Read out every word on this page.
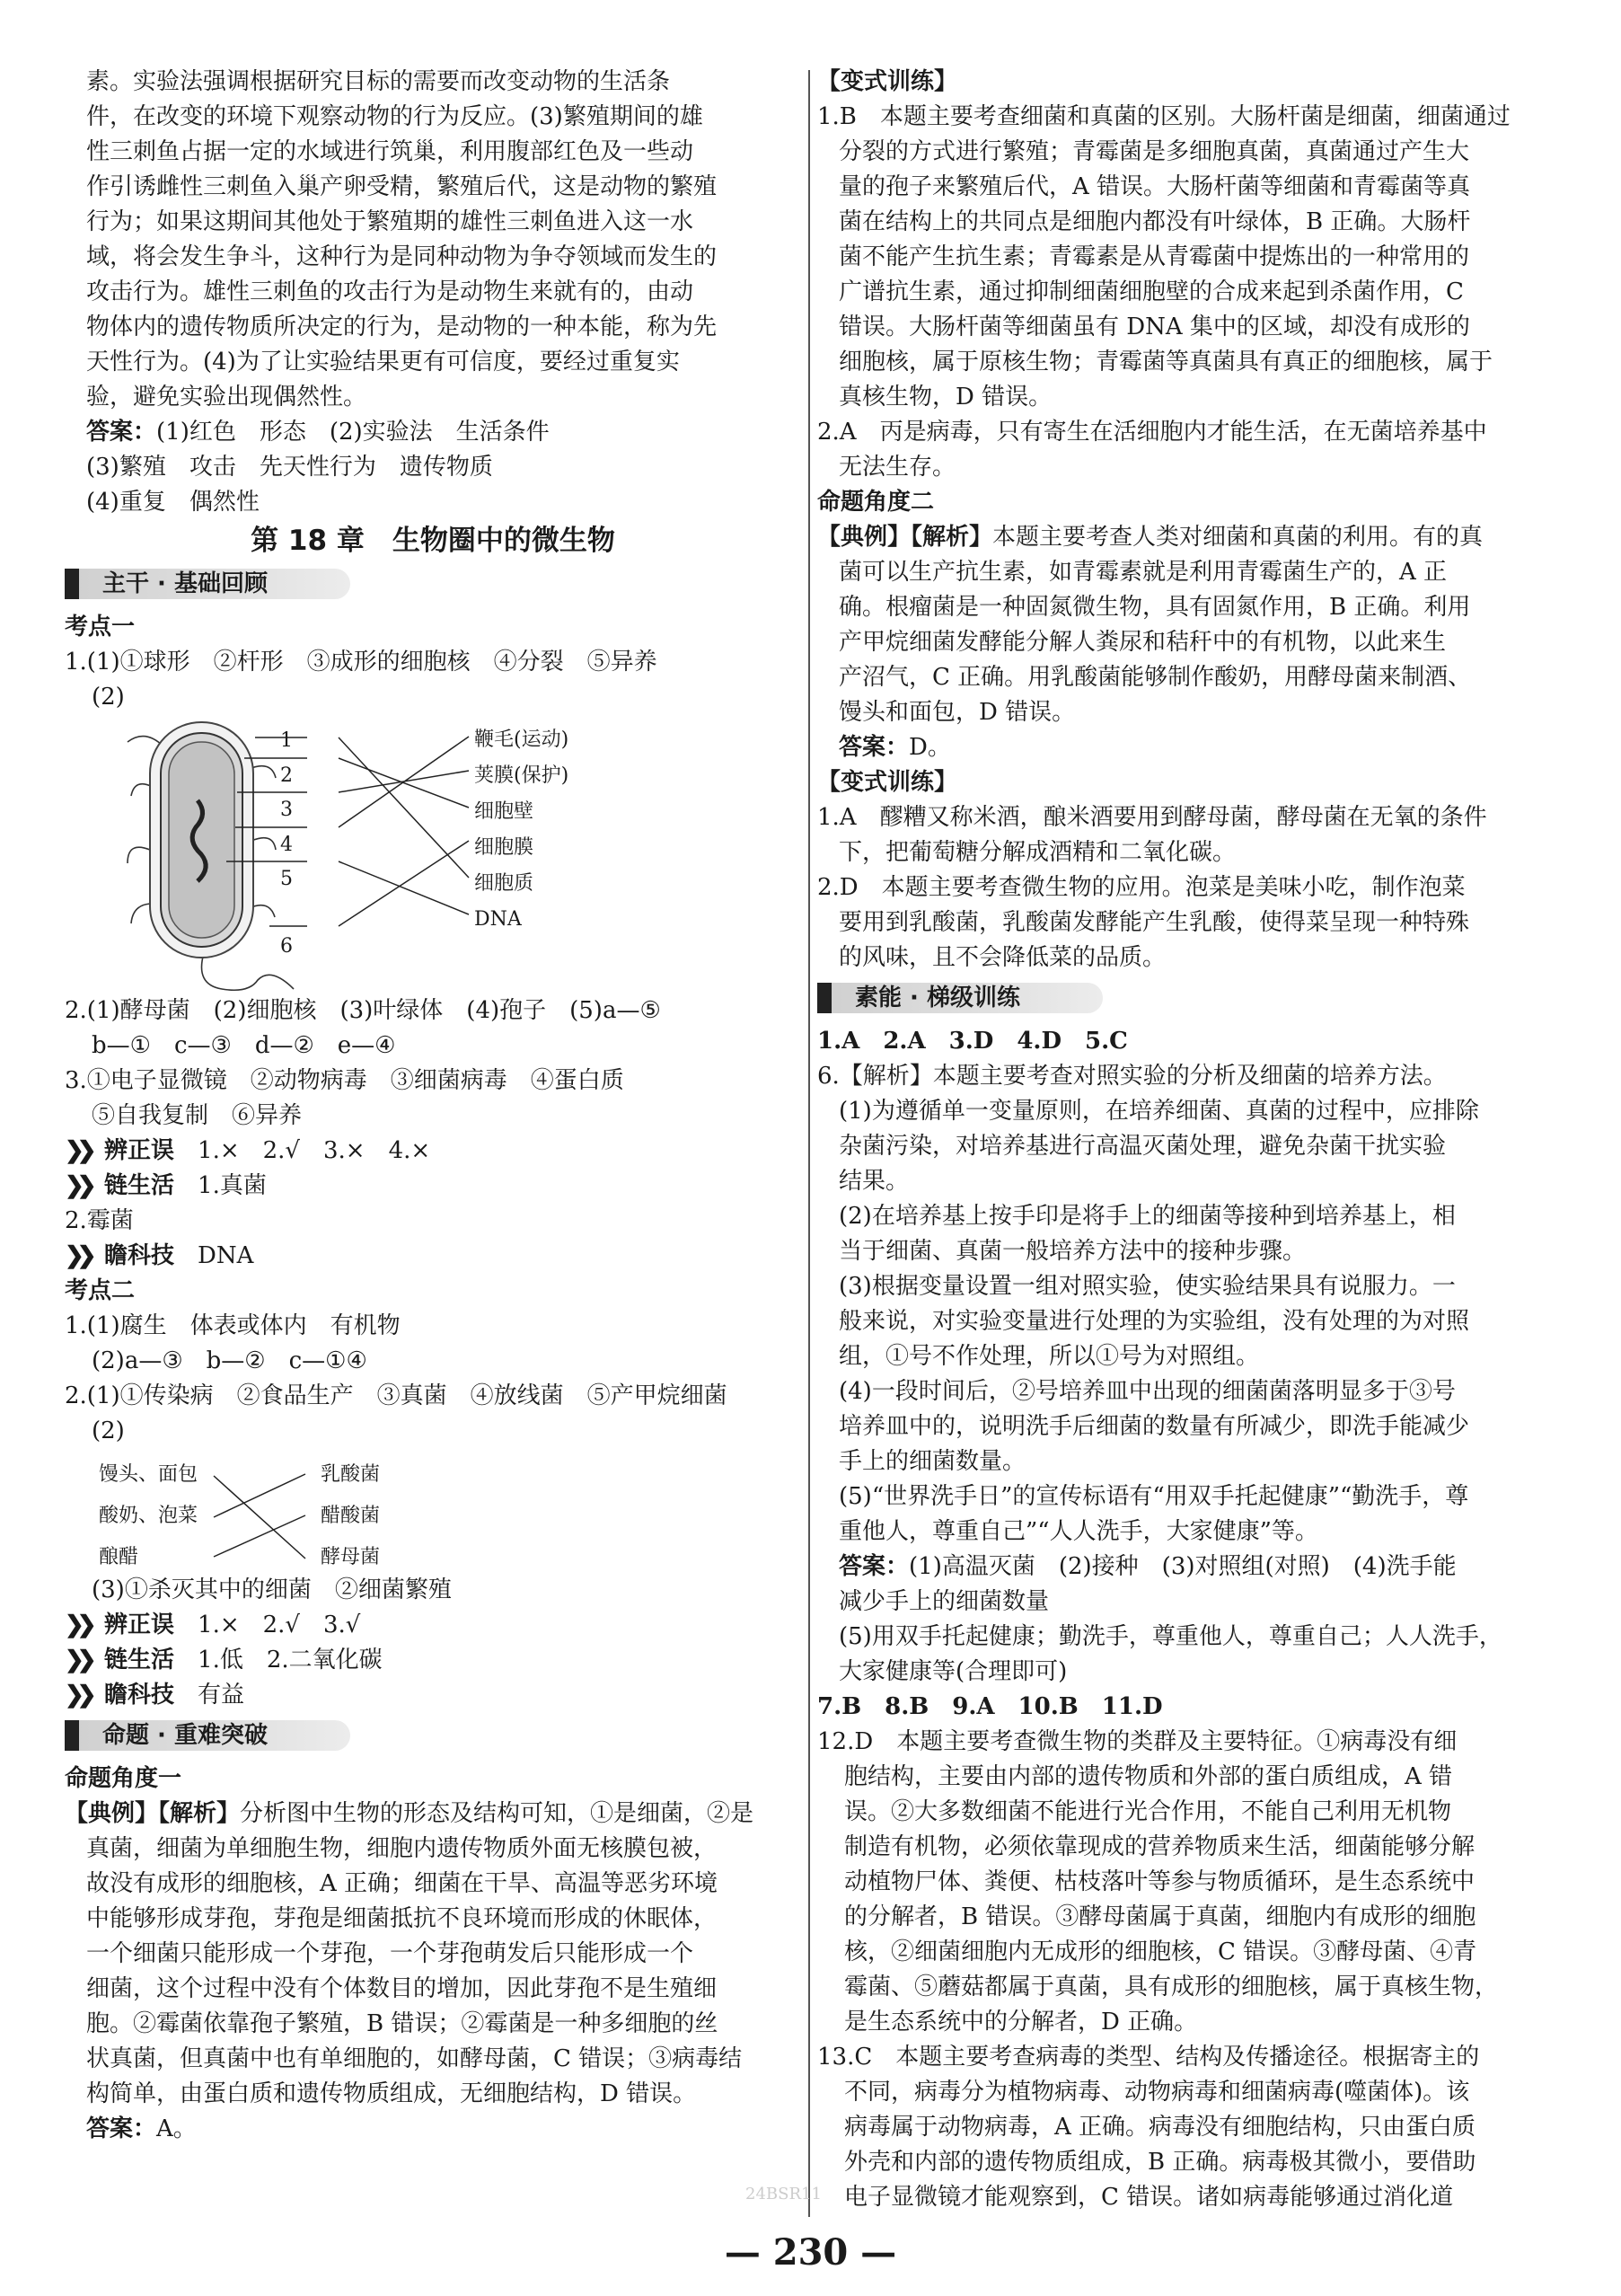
素。实验法强调根据研究目标的需要而改变动物的生活条
件，在改变的环境下观察动物的行为反应。(3)繁殖期间的雄
性三刺鱼占据一定的水域进行筑巢，利用腹部红色及一些动
作引诱雌性三刺鱼入巢产卵受精，繁殖后代，这是动物的繁殖
行为；如果这期间其他处于繁殖期的雄性三刺鱼进入这一水
域，将会发生争斗，这种行为是同种动物为争夺领域而发生的
攻击行为。雄性三刺鱼的攻击行为是动物生来就有的，由动
物体内的遗传物质所决定的行为，是动物的一种本能，称为先
天性行为。(4)为了让实验结果更有可信度，要经过重复实
验，避免实验出现偶然性。
答案：(1)红色　形态　(2)实验法　生活条件
(3)繁殖　攻击　先天性行为　遗传物质
(4)重复　偶然性
第 18 章　生物圈中的微生物
主干 · 基础回顾
考点一
1.(1)①球形　②杆形　③成形的细胞核　④分裂　⑤异养
(2)
1
2
3
4
5
6
鞭毛(运动)
荚膜(保护)
细胞壁
细胞膜
细胞质
DNA
2.(1)酵母菌　(2)细胞核　(3)叶绿体　(4)孢子　(5)a—⑤
b—①　c—③　d—②　e—④
3.①电子显微镜　②动物病毒　③细菌病毒　④蛋白质
⑤自我复制　⑥异养
❯❯ 辨正误　 1.×　2.√　3.×　4.×
❯❯ 链生活　 1.真菌
2.霉菌
❯❯ 瞻科技　 DNA
考点二
1.(1)腐生　体表或体内　有机物
(2)a—③　b—②　c—①④
2.(1)①传染病　②食品生产　③真菌　④放线菌　⑤产甲烷细菌
(2)
馒头、面包
酸奶、泡菜
酿醋
乳酸菌
醋酸菌
酵母菌
(3)①杀灭其中的细菌　②细菌繁殖
❯❯ 辨正误　 1.×　2.√　3.√
❯❯ 链生活　 1.低　2.二氧化碳
❯❯ 瞻科技　 有益
命题 · 重难突破
命题角度一
【典例】【解析】分析图中生物的形态及结构可知，①是细菌，②是
真菌，细菌为单细胞生物，细胞内遗传物质外面无核膜包被，
故没有成形的细胞核，A 正确；细菌在干旱、高温等恶劣环境
中能够形成芽孢，芽孢是细菌抵抗不良环境而形成的休眠体，
一个细菌只能形成一个芽孢，一个芽孢萌发后只能形成一个
细菌，这个过程中没有个体数目的增加，因此芽孢不是生殖细
胞。②霉菌依靠孢子繁殖，B 错误；②霉菌是一种多细胞的丝
状真菌，但真菌中也有单细胞的，如酵母菌，C 错误；③病毒结
构简单，由蛋白质和遗传物质组成，无细胞结构，D 错误。
答案：A。
【变式训练】
1.B　本题主要考查细菌和真菌的区别。大肠杆菌是细菌，细菌通过
分裂的方式进行繁殖；青霉菌是多细胞真菌，真菌通过产生大
量的孢子来繁殖后代，A 错误。大肠杆菌等细菌和青霉菌等真
菌在结构上的共同点是细胞内都没有叶绿体，B 正确。大肠杆
菌不能产生抗生素；青霉素是从青霉菌中提炼出的一种常用的
广谱抗生素，通过抑制细菌细胞壁的合成来起到杀菌作用，C
错误。大肠杆菌等细菌虽有 DNA 集中的区域，却没有成形的
细胞核，属于原核生物；青霉菌等真菌具有真正的细胞核，属于
真核生物，D 错误。
2.A　丙是病毒，只有寄生在活细胞内才能生活，在无菌培养基中
无法生存。
命题角度二
【典例】【解析】本题主要考查人类对细菌和真菌的利用。有的真
菌可以生产抗生素，如青霉素就是利用青霉菌生产的，A 正
确。根瘤菌是一种固氮微生物，具有固氮作用，B 正确。利用
产甲烷细菌发酵能分解人粪尿和秸秆中的有机物，以此来生
产沼气，C 正确。用乳酸菌能够制作酸奶，用酵母菌来制酒、
馒头和面包，D 错误。
答案：D。
【变式训练】
1.A　醪糟又称米酒，酿米酒要用到酵母菌，酵母菌在无氧的条件
下，把葡萄糖分解成酒精和二氧化碳。
2.D　本题主要考查微生物的应用。泡菜是美味小吃，制作泡菜
要用到乳酸菌，乳酸菌发酵能产生乳酸，使得菜呈现一种特殊
的风味，且不会降低菜的品质。
素能 · 梯级训练
1.A　2.A　3.D　4.D　5.C
6.【解析】本题主要考查对照实验的分析及细菌的培养方法。
(1)为遵循单一变量原则，在培养细菌、真菌的过程中，应排除
杂菌污染，对培养基进行高温灭菌处理，避免杂菌干扰实验
结果。
(2)在培养基上按手印是将手上的细菌等接种到培养基上，相
当于细菌、真菌一般培养方法中的接种步骤。
(3)根据变量设置一组对照实验，使实验结果具有说服力。一
般来说，对实验变量进行处理的为实验组，没有处理的为对照
组，①号不作处理，所以①号为对照组。
(4)一段时间后，②号培养皿中出现的细菌菌落明显多于③号
培养皿中的，说明洗手后细菌的数量有所减少，即洗手能减少
手上的细菌数量。
(5)“世界洗手日”的宣传标语有“用双手托起健康”“勤洗手，尊
重他人，尊重自己”“人人洗手，大家健康”等。
答案：(1)高温灭菌　(2)接种　(3)对照组(对照)　(4)洗手能
减少手上的细菌数量
(5)用双手托起健康；勤洗手，尊重他人，尊重自己；人人洗手，
大家健康等(合理即可)
7.B　8.B　9.A　10.B　11.D
12.D　本题主要考查微生物的类群及主要特征。①病毒没有细
胞结构，主要由内部的遗传物质和外部的蛋白质组成，A 错
误。②大多数细菌不能进行光合作用，不能自己利用无机物
制造有机物，必须依靠现成的营养物质来生活，细菌能够分解
动植物尸体、粪便、枯枝落叶等参与物质循环，是生态系统中
的分解者，B 错误。③酵母菌属于真菌，细胞内有成形的细胞
核，②细菌细胞内无成形的细胞核，C 错误。③酵母菌、④青
霉菌、⑤蘑菇都属于真菌，具有成形的细胞核，属于真核生物，
是生态系统中的分解者，D 正确。
13.C　本题主要考查病毒的类型、结构及传播途径。根据寄主的
不同，病毒分为植物病毒、动物病毒和细菌病毒(噬菌体)。该
病毒属于动物病毒，A 正确。病毒没有细胞结构，只由蛋白质
外壳和内部的遗传物质组成，B 正确。病毒极其微小，要借助
电子显微镜才能观察到，C 错误。诸如病毒能够通过消化道
24BSR11
— 230 —
